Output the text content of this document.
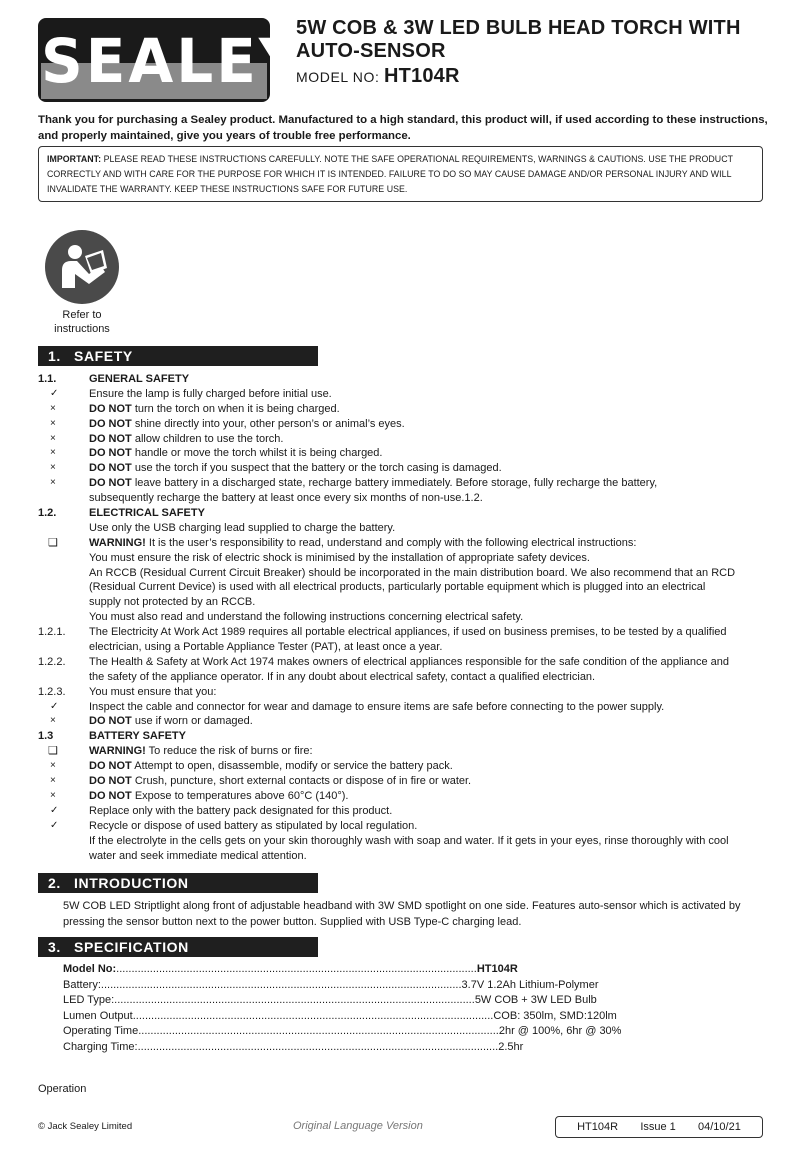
SEALEY
5W COB & 3W LED BULB HEAD TORCH WITH AUTO-SENSOR
MODEL NO: HT104R
Thank you for purchasing a Sealey product. Manufactured to a high standard, this product will, if used according to these instructions, and properly maintained, give you years of trouble free performance.
IMPORTANT: PLEASE READ THESE INSTRUCTIONS CAREFULLY. NOTE THE SAFE OPERATIONAL REQUIREMENTS, WARNINGS & CAUTIONS. USE THE PRODUCT CORRECTLY AND WITH CARE FOR THE PURPOSE FOR WHICH IT IS INTENDED. FAILURE TO DO SO MAY CAUSE DAMAGE AND/OR PERSONAL INJURY AND WILL INVALIDATE THE WARRANTY. KEEP THESE INSTRUCTIONS SAFE FOR FUTURE USE.
Refer to instructions
1. SAFETY
1.1.	GENERAL SAFETY
✓	Ensure the lamp is fully charged before initial use.
×	DO NOT turn the torch on when it is being charged.
×	DO NOT shine directly into your, other person’s or animal’s eyes.
×	DO NOT allow children to use the torch.
×	DO NOT handle or move the torch whilst it is being charged.
×	DO NOT use the torch if you suspect that the battery or the torch casing is damaged.
×	DO NOT leave battery in a discharged state, recharge battery immediately. Before storage, fully recharge the battery,
subsequently recharge the battery at least once every six months of non-use.1.2.
1.2.	ELECTRICAL SAFETY
Use only the USB charging lead supplied to charge the battery.
❑	WARNING! It is the user’s responsibility to read, understand and comply with the following electrical instructions:
You must ensure the risk of electric shock is minimised by the installation of appropriate safety devices.
An RCCB (Residual Current Circuit Breaker) should be incorporated in the main distribution board. We also recommend that an RCD
(Residual Current Device) is used with all electrical products, particularly portable equipment which is plugged into an electrical
supply not protected by an RCCB.
You must also read and understand the following instructions concerning electrical safety.
1.2.1.	The Electricity At Work Act 1989 requires all portable electrical appliances, if used on business premises, to be tested by a qualified
electrician, using a Portable Appliance Tester (PAT), at least once a year.
1.2.2.	The Health & Safety at Work Act 1974 makes owners of electrical appliances responsible for the safe condition of the appliance and
the safety of the appliance operator. If in any doubt about electrical safety, contact a qualified electrician.
1.2.3.	You must ensure that you:
✓	Inspect the cable and connector for wear and damage to ensure items are safe before connecting to the power supply.
×	DO NOT use if worn or damaged.
1.3	BATTERY SAFETY
❑	WARNING! To reduce the risk of burns or fire:
×	DO NOT Attempt to open, disassemble, modify or service the battery pack.
×	DO NOT Crush, puncture, short external contacts or dispose of in fire or water.
×	DO NOT Expose to temperatures above 60°C (140°).
✓	Replace only with the battery pack designated for this product.
✓	Recycle or dispose of used battery as stipulated by local regulation.
If the electrolyte in the cells gets on your skin thoroughly wash with soap and water. If it gets in your eyes, rinse thoroughly with cool
water and seek immediate medical attention.
2. INTRODUCTION
5W COB LED Striptlight along front of adjustable headband with 3W SMD spotlight on one side. Features auto-sensor which is activated by pressing the sensor button next to the power button. Supplied with USB Type-C charging lead.
3. SPECIFICATION
Model No: .....	HT104R
Battery: .....	3.7V 1.2Ah Lithium-Polymer
LED Type: .....	5W COB + 3W LED Bulb
Lumen Output .....	COB: 350lm, SMD:120lm
Operating Time .....	2hr @ 100%, 6hr @ 30%
Charging Time: .....	2.5hr
Operation
© Jack Sealey Limited	Original Language Version	HT104R Issue 1 04/10/21
